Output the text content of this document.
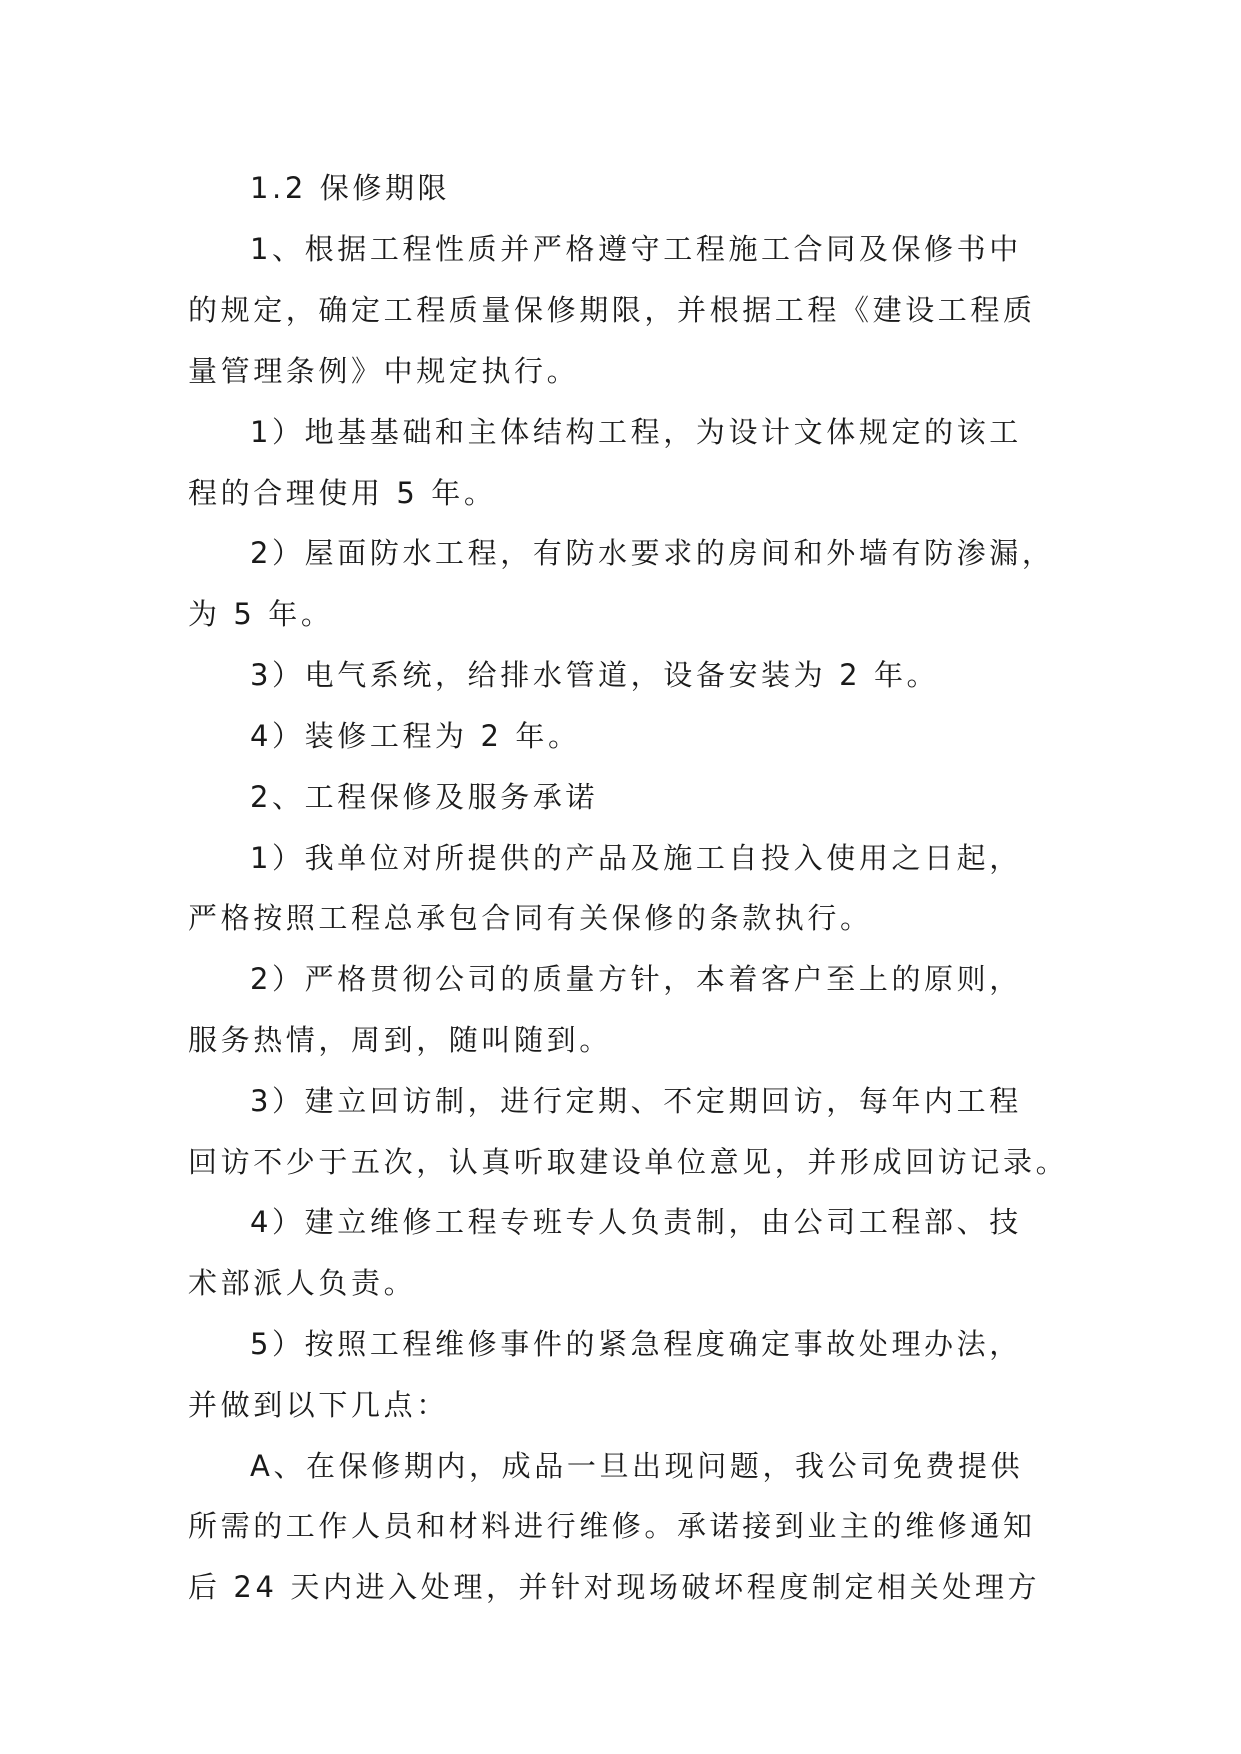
1.2 保修期限
1、根据工程性质并严格遵守工程施工合同及保修书中
的规定，确定工程质量保修期限，并根据工程《建设工程质
量管理条例》中规定执行。
1）地基基础和主体结构工程，为设计文体规定的该工
程的合理使用 5 年。
2）屋面防水工程，有防水要求的房间和外墙有防渗漏，
为 5 年。
3）电气系统，给排水管道，设备安装为 2 年。
4）装修工程为 2 年。
2、工程保修及服务承诺
1）我单位对所提供的产品及施工自投入使用之日起，
严格按照工程总承包合同有关保修的条款执行。
2）严格贯彻公司的质量方针，本着客户至上的原则，
服务热情，周到，随叫随到。
3）建立回访制，进行定期、不定期回访，每年内工程
回访不少于五次，认真听取建设单位意见，并形成回访记录。
4）建立维修工程专班专人负责制，由公司工程部、技
术部派人负责。
5）按照工程维修事件的紧急程度确定事故处理办法，
并做到以下几点：
A、在保修期内，成品一旦出现问题，我公司免费提供
所需的工作人员和材料进行维修。承诺接到业主的维修通知
后 24 天内进入处理，并针对现场破坏程度制定相关处理方
